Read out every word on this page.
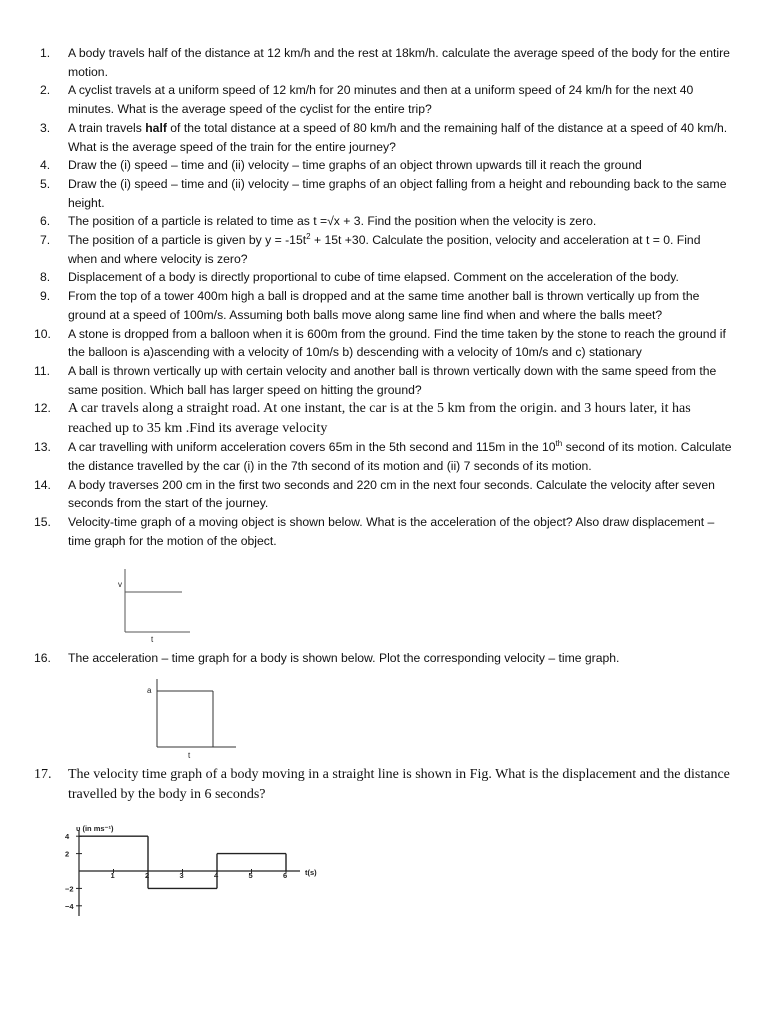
1.	A body travels half of the distance at 12 km/h and the rest at 18km/h. calculate the average speed of the body for the entire motion.
2.	A cyclist travels at a uniform speed of 12 km/h for 20 minutes and then at a uniform speed of 24 km/h for the next 40 minutes. What is the average speed of the cyclist for the entire trip?
3.	A train travels half of the total distance at a speed of 80 km/h and the remaining half of the distance at a speed of 40 km/h. What is the average speed of the train for the entire journey?
4.	Draw the (i) speed – time and (ii) velocity – time graphs of an object thrown upwards till it reach the ground
5.	Draw the (i) speed – time and (ii) velocity – time graphs of an object falling from a height and rebounding back to the same height.
6.	The position of a particle is related to time as t =√x + 3. Find the position when the velocity is zero.
7.	The position of a particle is given by $y = -15t^2 + 15t +30$. Calculate the position, velocity and acceleration at t = 0. Find when and where velocity is zero?
8.	Displacement of a body is directly proportional to cube of time elapsed. Comment on the acceleration of the body.
9.	From the top of a tower 400m high a ball is dropped and at the same time another ball is thrown vertically up from the ground at a speed of 100m/s. Assuming both balls move along same line find when and where the balls meet?
10.	A stone is dropped from a balloon when it is 600m from the ground. Find the time taken by the stone to reach the ground if the balloon is a)ascending with a velocity of 10m/s b) descending with a velocity of 10m/s and c) stationary
11.	A ball is thrown vertically up with certain velocity and another ball is thrown vertically down with the same speed from the same position. Which ball has larger speed on hitting the ground?
12.	A car travels along a straight road. At one instant, the car is at the 5 km from the origin. and 3 hours later, it has reached up to 35 km .Find its average velocity
13.	A car travelling with uniform acceleration covers 65m in the 5th second and 115m in the 10th second of its motion. Calculate the distance travelled by the car (i) in the 7th second of its motion and (ii) 7 seconds of its motion.
14.	A body traverses 200 cm in the first two seconds and 220 cm in the next four seconds. Calculate the velocity after seven seconds from the start of the journey.
15.	Velocity-time graph of a moving object is shown below. What is the acceleration of the object? Also draw displacement – time graph for the motion of the object.
v
t
16.	The acceleration – time graph for a body is shown below. Plot the corresponding velocity – time graph.
a
t
17.	The velocity time graph of a body moving in a straight line is shown in Fig. What is the displacement and the distance travelled by the body in 6 seconds?
υ (in ms⁻¹)
t(s)
4
2
−2
−4
1	2	3	4	5	6
